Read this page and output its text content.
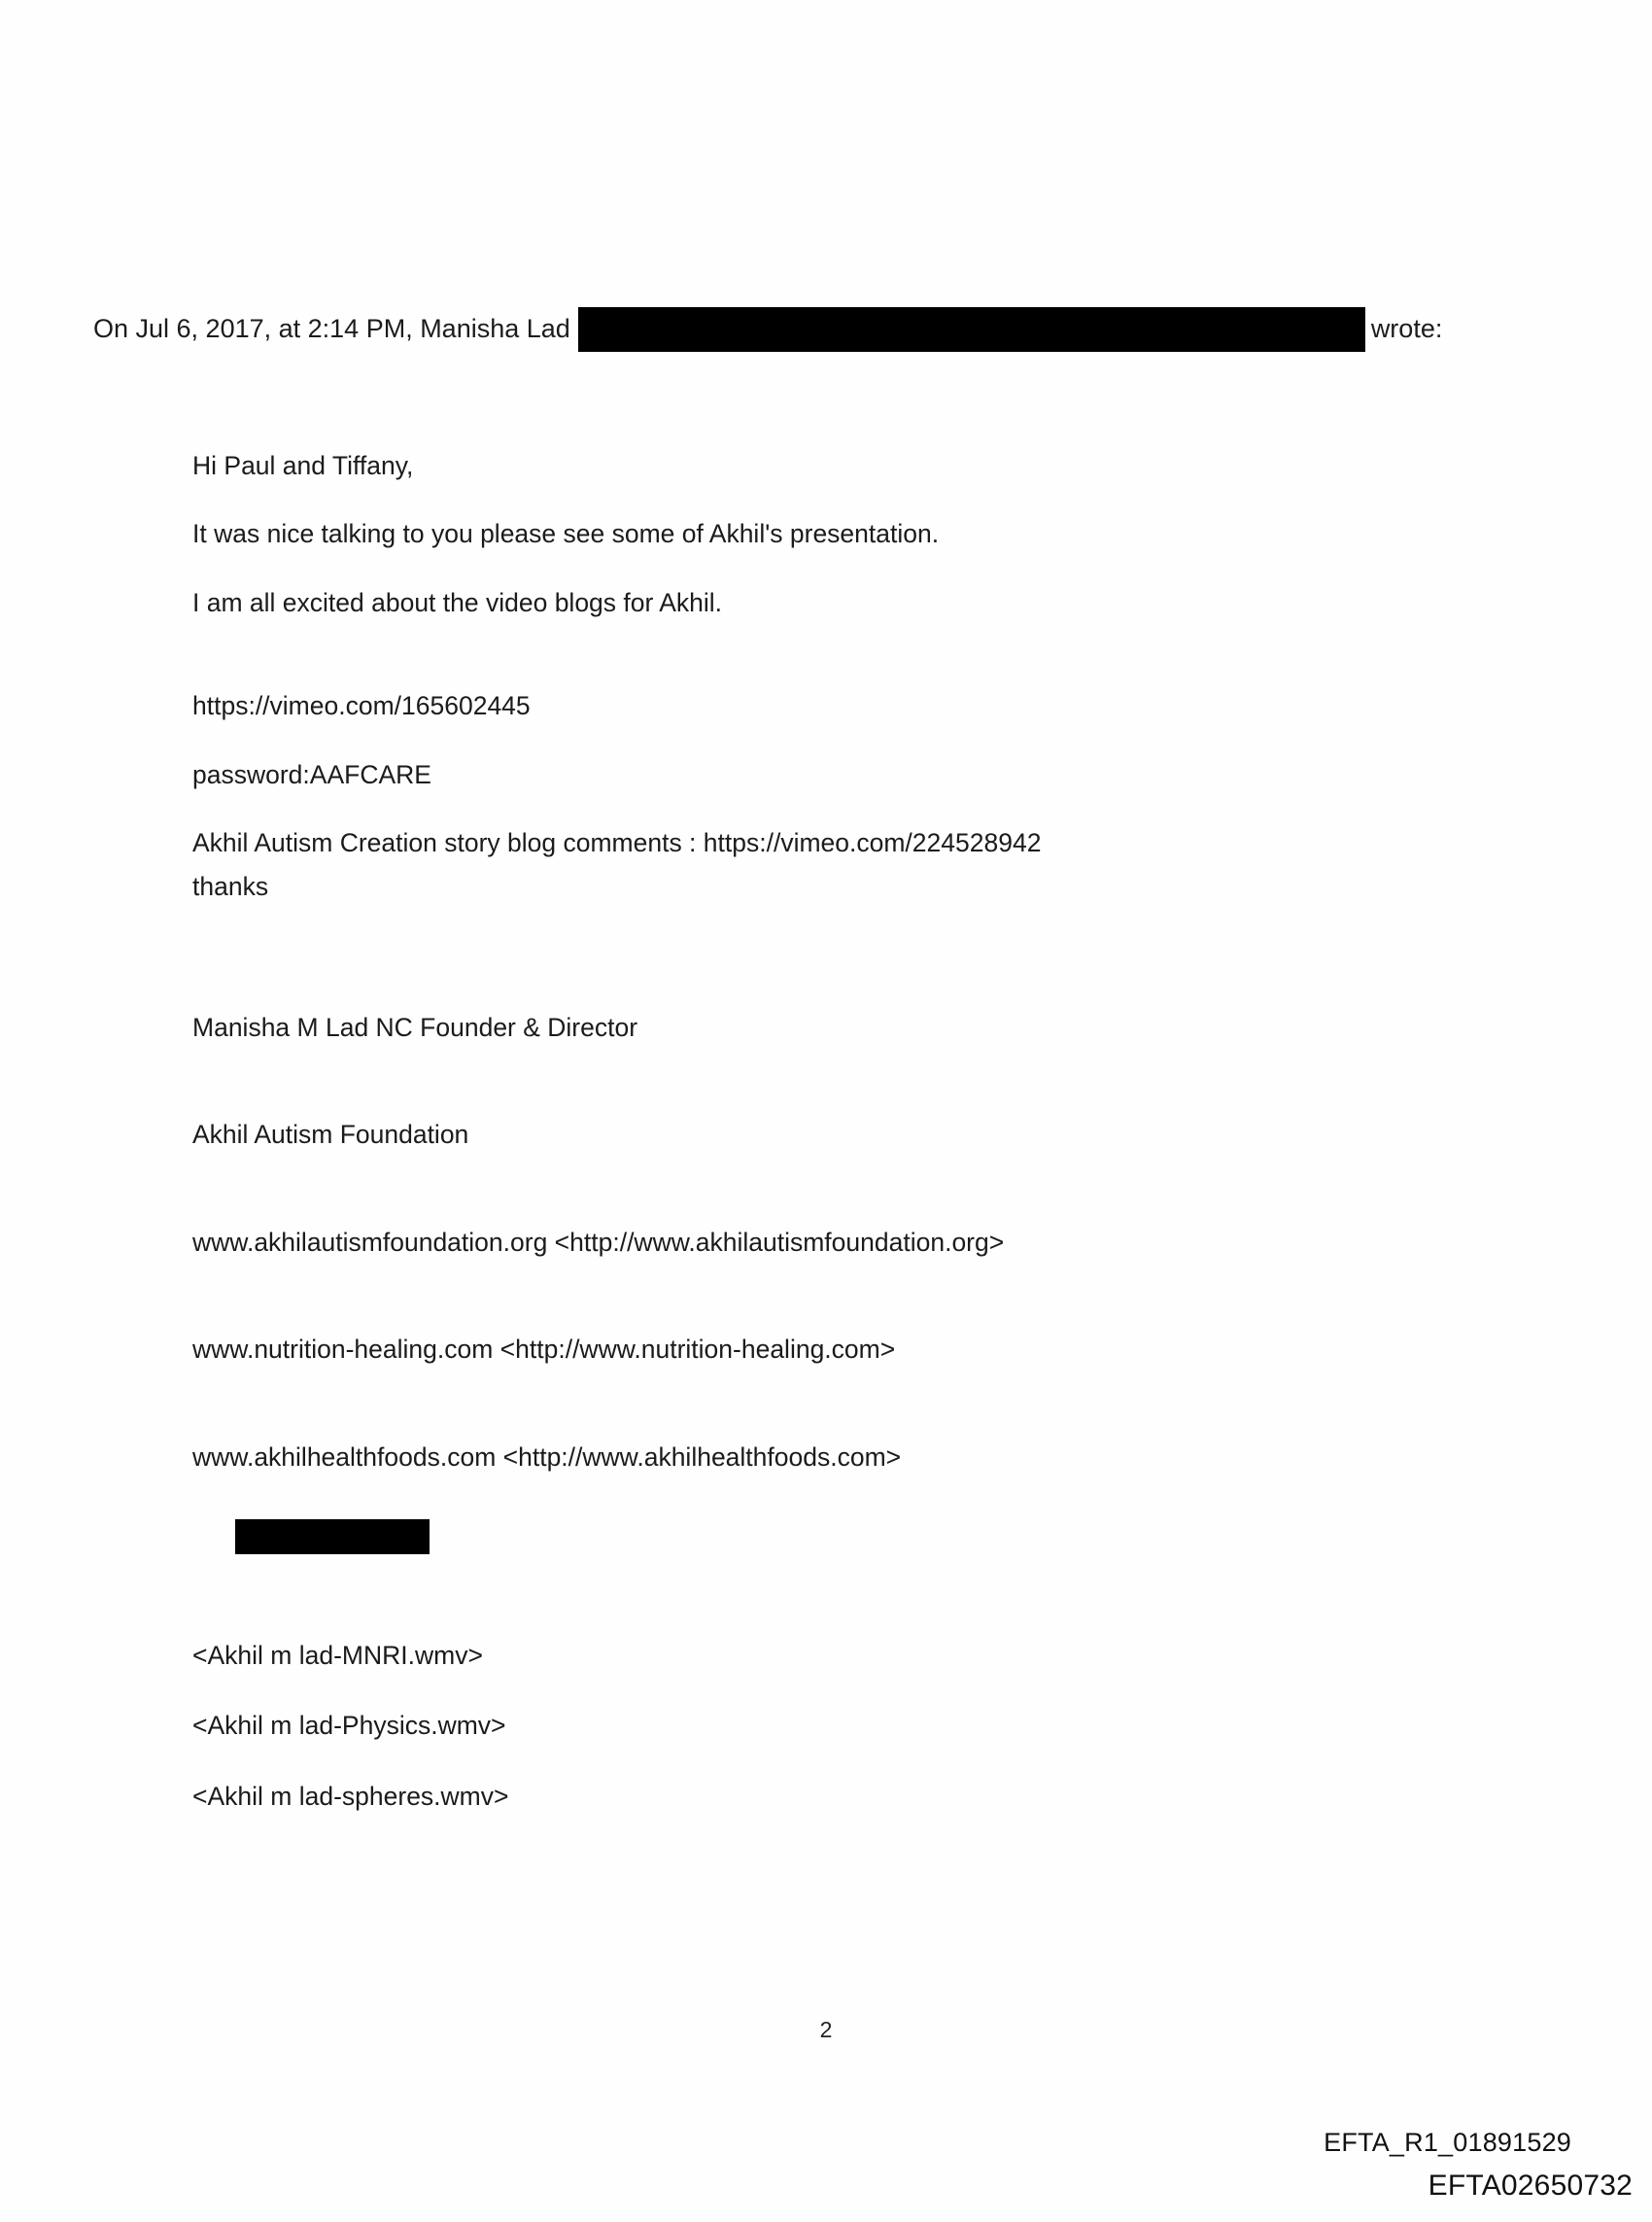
On Jul 6, 2017, at 2:14 PM, Manisha Lad	wrote:

Hi Paul and Tiffany,

It was nice talking to you please see some of Akhil's presentation.

I am all excited about the video blogs for Akhil.

https://vimeo.com/165602445

password:AAFCARE

Akhil Autism Creation story blog comments : https://vimeo.com/224528942

thanks

Manisha M Lad NC Founder & Director

Akhil Autism Foundation

www.akhilautismfoundation.org <http://www.akhilautismfoundation.org>

www.nutrition-healing.com <http://www.nutrition-healing.com>

www.akhilhealthfoods.com <http://www.akhilhealthfoods.com>

<Akhil m lad-MNRI.wmv>

<Akhil m lad-Physics.wmv>

<Akhil m lad-spheres.wmv>

2
EFTA_R1_01891529
EFTA02650732
